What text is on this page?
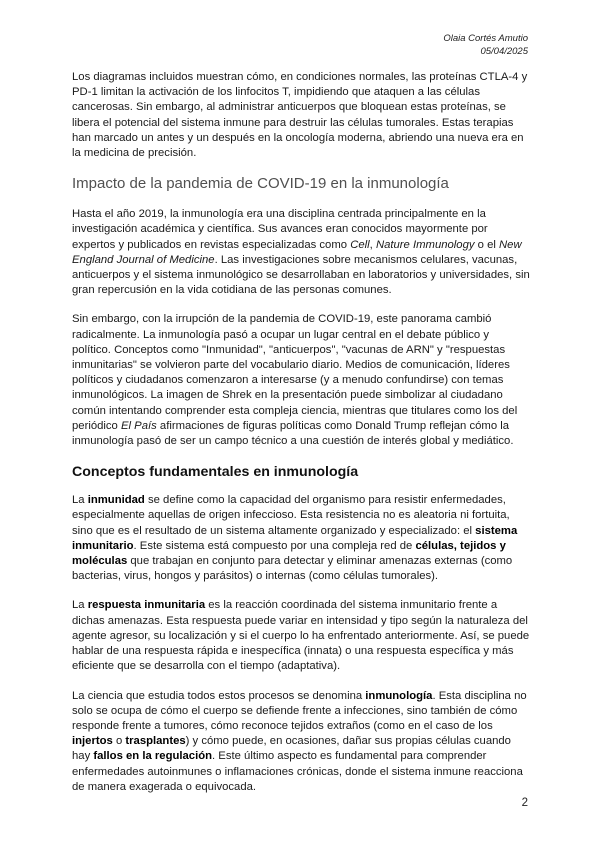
Olaia Cortés Amutio
05/04/2025

Los diagramas incluidos muestran cómo, en condiciones normales, las proteínas CTLA-4 y PD-1 limitan la activación de los linfocitos T, impidiendo que ataquen a las células cancerosas. Sin embargo, al administrar anticuerpos que bloquean estas proteínas, se libera el potencial del sistema inmune para destruir las células tumorales. Estas terapias han marcado un antes y un después en la oncología moderna, abriendo una nueva era en la medicina de precisión.

Impacto de la pandemia de COVID-19 en la inmunología

Hasta el año 2019, la inmunología era una disciplina centrada principalmente en la investigación académica y científica. Sus avances eran conocidos mayormente por expertos y publicados en revistas especializadas como Cell, Nature Immunology o el New England Journal of Medicine. Las investigaciones sobre mecanismos celulares, vacunas, anticuerpos y el sistema inmunológico se desarrollaban en laboratorios y universidades, sin gran repercusión en la vida cotidiana de las personas comunes.

Sin embargo, con la irrupción de la pandemia de COVID-19, este panorama cambió radicalmente. La inmunología pasó a ocupar un lugar central en el debate público y político. Conceptos como "Inmunidad", "anticuerpos", "vacunas de ARN" y "respuestas inmunitarias" se volvieron parte del vocabulario diario. Medios de comunicación, líderes políticos y ciudadanos comenzaron a interesarse (y a menudo confundirse) con temas inmunológicos. La imagen de Shrek en la presentación puede simbolizar al ciudadano común intentando comprender esta compleja ciencia, mientras que titulares como los del periódico El País afirmaciones de figuras políticas como Donald Trump reflejan cómo la inmunología pasó de ser un campo técnico a una cuestión de interés global y mediático.

Conceptos fundamentales en inmunología

La inmunidad se define como la capacidad del organismo para resistir enfermedades, especialmente aquellas de origen infeccioso. Esta resistencia no es aleatoria ni fortuita, sino que es el resultado de un sistema altamente organizado y especializado: el sistema inmunitario. Este sistema está compuesto por una compleja red de células, tejidos y moléculas que trabajan en conjunto para detectar y eliminar amenazas externas (como bacterias, virus, hongos y parásitos) o internas (como células tumorales).

La respuesta inmunitaria es la reacción coordinada del sistema inmunitario frente a dichas amenazas. Esta respuesta puede variar en intensidad y tipo según la naturaleza del agente agresor, su localización y si el cuerpo lo ha enfrentado anteriormente. Así, se puede hablar de una respuesta rápida e inespecífica (innata) o una respuesta específica y más eficiente que se desarrolla con el tiempo (adaptativa).

La ciencia que estudia todos estos procesos se denomina inmunología. Esta disciplina no solo se ocupa de cómo el cuerpo se defiende frente a infecciones, sino también de cómo responde frente a tumores, cómo reconoce tejidos extraños (como en el caso de los injertos o trasplantes) y cómo puede, en ocasiones, dañar sus propias células cuando hay fallos en la regulación. Este último aspecto es fundamental para comprender enfermedades autoinmunes o inflamaciones crónicas, donde el sistema inmune reacciona de manera exagerada o equivocada.

2
